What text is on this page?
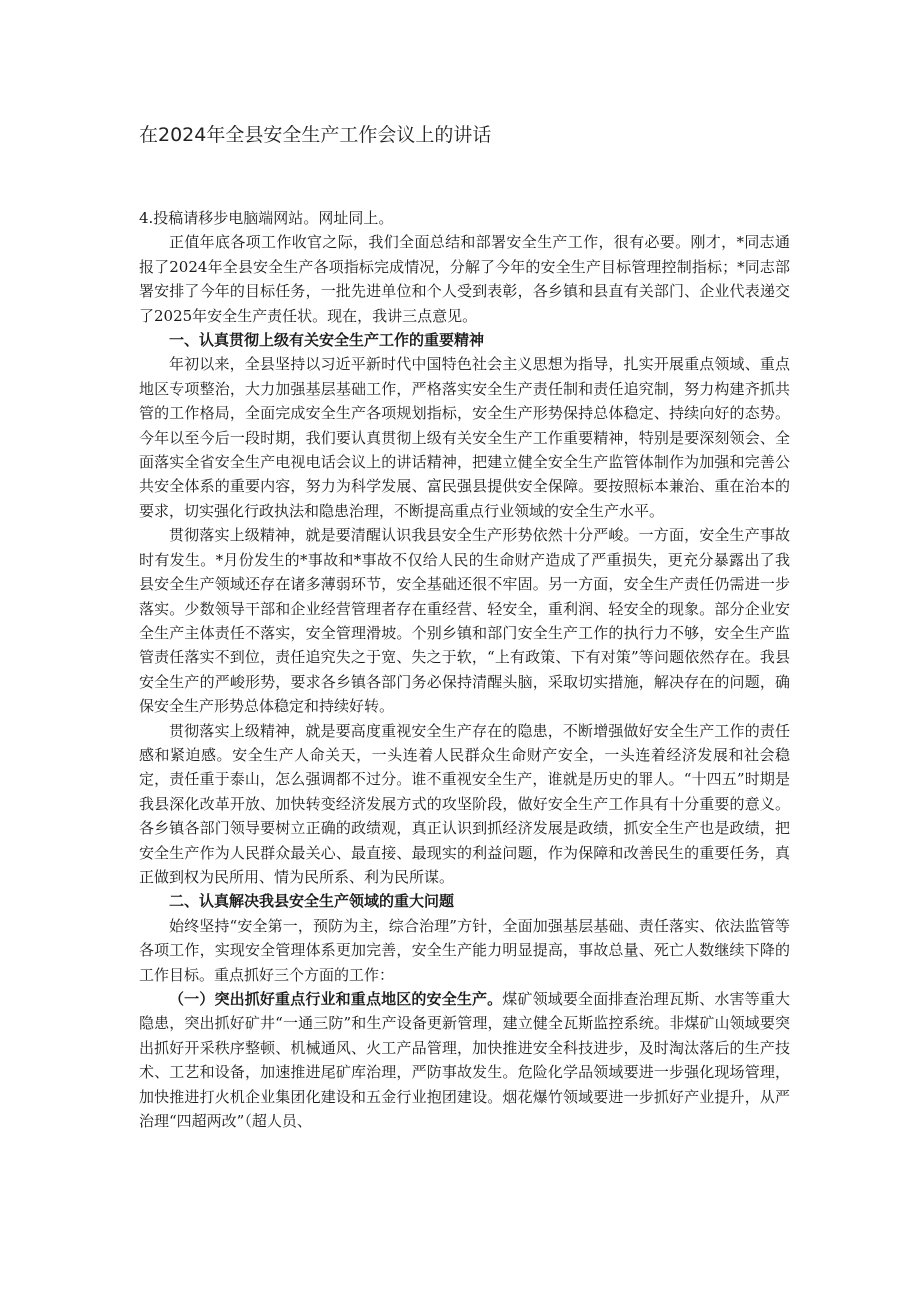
在2024年全县安全生产工作会议上的讲话

4.投稿请移步电脑端网站。网址同上。

正值年底各项工作收官之际，我们全面总结和部署安全生产工作，很有必要。刚才，*同志通报了2024年全县安全生产各项指标完成情况，分解了今年的安全生产目标管理控制指标；*同志部署安排了今年的目标任务，一批先进单位和个人受到表彰，各乡镇和县直有关部门、企业代表递交了2025年安全生产责任状。现在，我讲三点意见。

一、认真贯彻上级有关安全生产工作的重要精神

年初以来，全县坚持以习近平新时代中国特色社会主义思想为指导，扎实开展重点领域、重点地区专项整治，大力加强基层基础工作，严格落实安全生产责任制和责任追究制，努力构建齐抓共管的工作格局，全面完成安全生产各项规划指标，安全生产形势保持总体稳定、持续向好的态势。今年以至今后一段时期，我们要认真贯彻上级有关安全生产工作重要精神，特别是要深刻领会、全面落实全省安全生产电视电话会议上的讲话精神，把建立健全安全生产监管体制作为加强和完善公共安全体系的重要内容，努力为科学发展、富民强县提供安全保障。要按照标本兼治、重在治本的要求，切实强化行政执法和隐患治理，不断提高重点行业领域的安全生产水平。

贯彻落实上级精神，就是要清醒认识我县安全生产形势依然十分严峻。一方面，安全生产事故时有发生。*月份发生的*事故和*事故不仅给人民的生命财产造成了严重损失，更充分暴露出了我县安全生产领域还存在诸多薄弱环节，安全基础还很不牢固。另一方面，安全生产责任仍需进一步落实。少数领导干部和企业经营管理者存在重经营、轻安全，重利润、轻安全的现象。部分企业安全生产主体责任不落实，安全管理滑坡。个别乡镇和部门安全生产工作的执行力不够，安全生产监管责任落实不到位，责任追究失之于宽、失之于软，“上有政策、下有对策”等问题依然存在。我县安全生产的严峻形势，要求各乡镇各部门务必保持清醒头脑，采取切实措施，解决存在的问题，确保安全生产形势总体稳定和持续好转。

贯彻落实上级精神，就是要高度重视安全生产存在的隐患，不断增强做好安全生产工作的责任感和紧迫感。安全生产人命关天，一头连着人民群众生命财产安全，一头连着经济发展和社会稳定，责任重于泰山，怎么强调都不过分。谁不重视安全生产，谁就是历史的罪人。“十四五”时期是我县深化改革开放、加快转变经济发展方式的攻坚阶段，做好安全生产工作具有十分重要的意义。各乡镇各部门领导要树立正确的政绩观，真正认识到抓经济发展是政绩，抓安全生产也是政绩，把安全生产作为人民群众最关心、最直接、最现实的利益问题，作为保障和改善民生的重要任务，真正做到权为民所用、情为民所系、利为民所谋。

二、认真解决我县安全生产领域的重大问题

始终坚持“安全第一，预防为主，综合治理”方针，全面加强基层基础、责任落实、依法监管等各项工作，实现安全管理体系更加完善，安全生产能力明显提高，事故总量、死亡人数继续下降的工作目标。重点抓好三个方面的工作：

（一）突出抓好重点行业和重点地区的安全生产。煤矿领域要全面排查治理瓦斯、水害等重大隐患，突出抓好矿井“一通三防”和生产设备更新管理，建立健全瓦斯监控系统。非煤矿山领域要突出抓好开采秩序整顿、机械通风、火工产品管理，加快推进安全科技进步，及时淘汰落后的生产技术、工艺和设备，加速推进尾矿库治理，严防事故发生。危险化学品领域要进一步强化现场管理，加快推进打火机企业集团化建设和五金行业抱团建设。烟花爆竹领域要进一步抓好产业提升，从严治理“四超两改”（超人员、
